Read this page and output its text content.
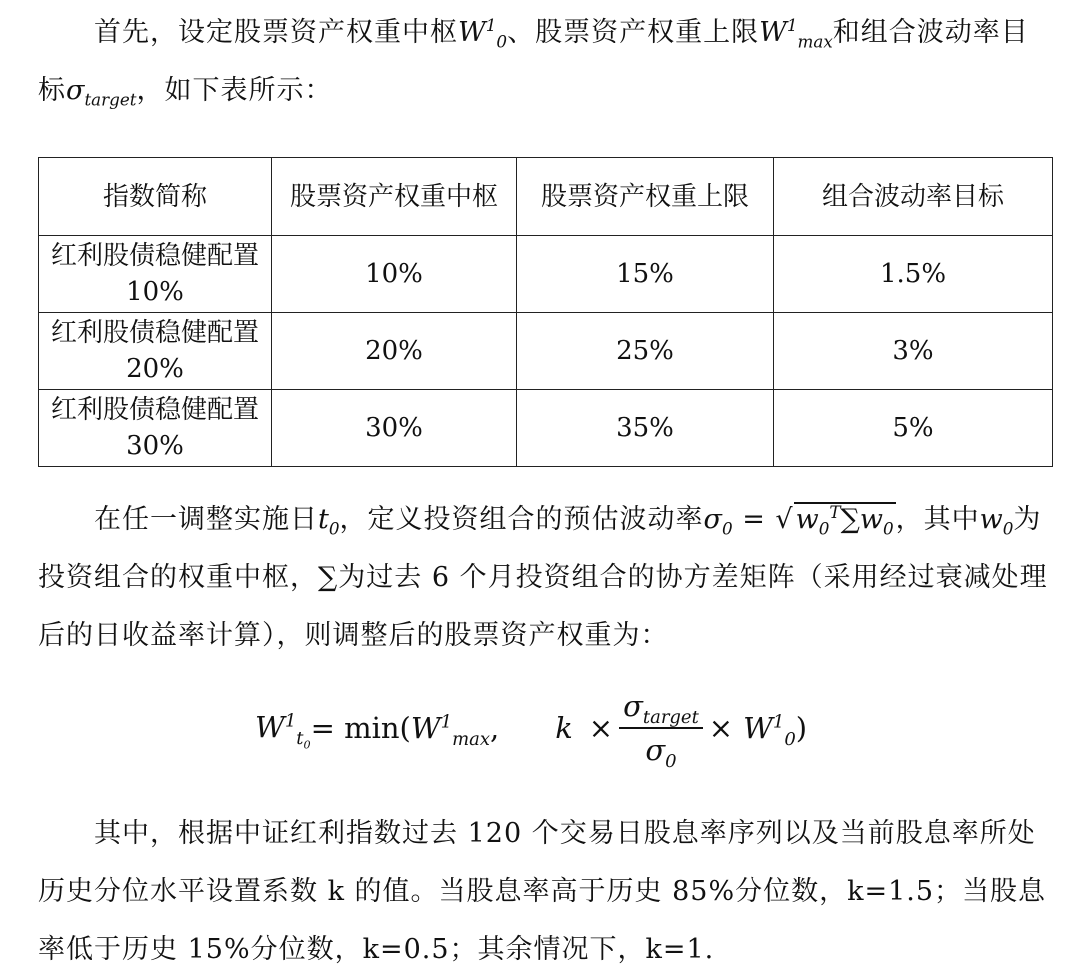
首先，设定股票资产权重中枢$W^1_0$、股票资产权重上限$W^1_{max}$和组合波动率目标$\sigma_{target}$，如下表所示：

指数简称	股票资产权重中枢	股票资产权重上限	组合波动率目标
红利股债稳健配置 10%	10%	15%	1.5%
红利股债稳健配置 20%	20%	25%	3%
红利股债稳健配置 30%	30%	35%	5%

在任一调整实施日$t_0$，定义投资组合的预估波动率$\sigma_0 = √w_0^T\sum w_0$，其中$w_0$为投资组合的权重中枢，∑为过去 6 个月投资组合的协方差矩阵（采用经过衰减处理后的日收益率计算），则调整后的股票资产权重为：

$W^1_{t_0}$
= min( $W^1_{max}$ , $k \times \frac{\sigma_{target}}{\sigma_0} \times W^1_0$ )

其中，根据中证红利指数过去 120 个交易日股息率序列以及当前股息率所处历史分位水平设置系数 k 的值。当股息率高于历史 85%分位数，k=1.5；当股息率低于历史 15%分位数，k=0.5；其余情况下，k=1.
